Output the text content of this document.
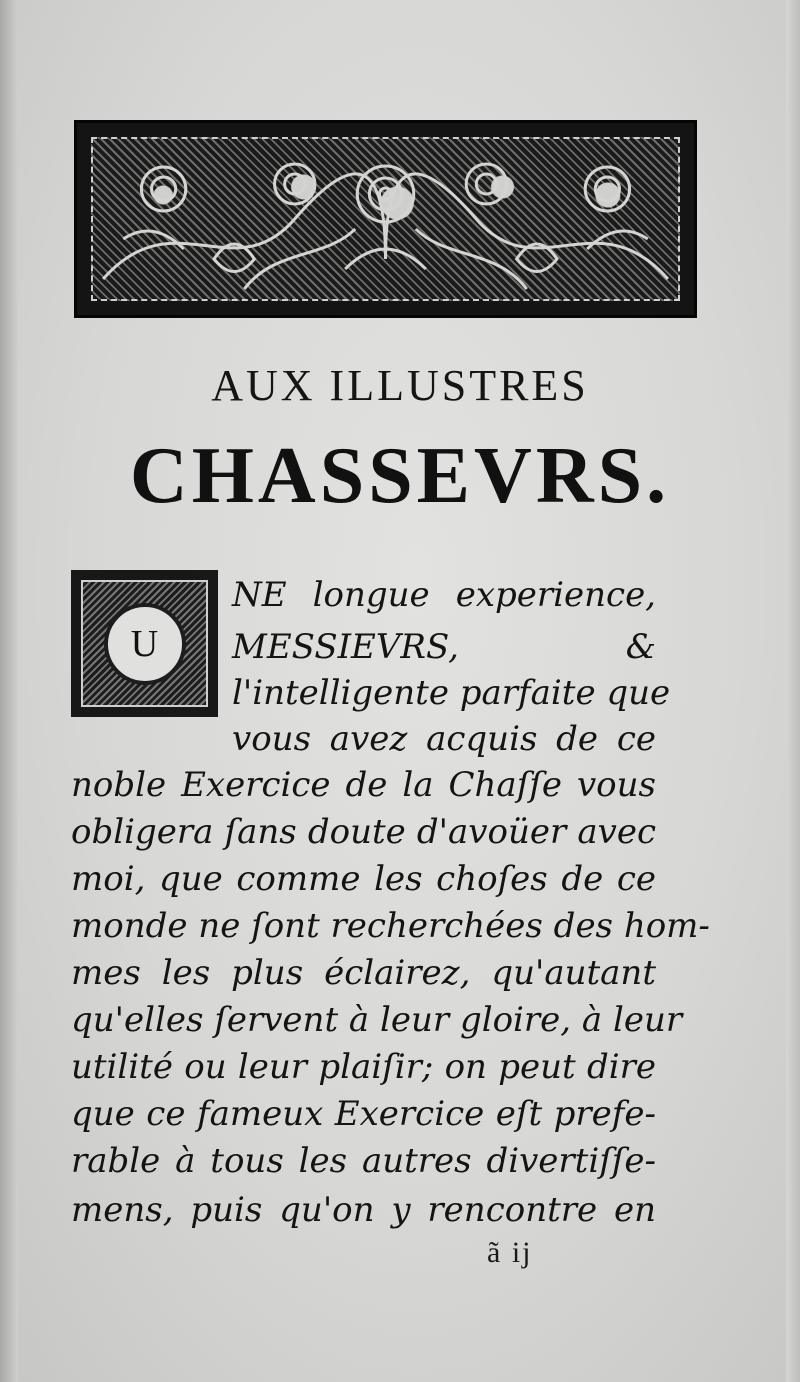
AUX ILLUSTRES
CHASSEVRS.
U
NE longue experience,
MESSIEVRS, &
l'intelligente parfaite que
vous avez acquis de ce
noble Exercice de la Chaſſe vous
obligera ſans doute d'avoüer avec
moi, que comme les choſes de ce
monde ne ſont recherchées des hom-
mes les plus éclairez, qu'autant
qu'elles ſervent à leur gloire, à leur
utilité ou leur plaiſir; on peut dire
que ce fameux Exercice eſt prefe-
rable à tous les autres divertiſſe-
mens, puis qu'on y rencontre en
ã ij
